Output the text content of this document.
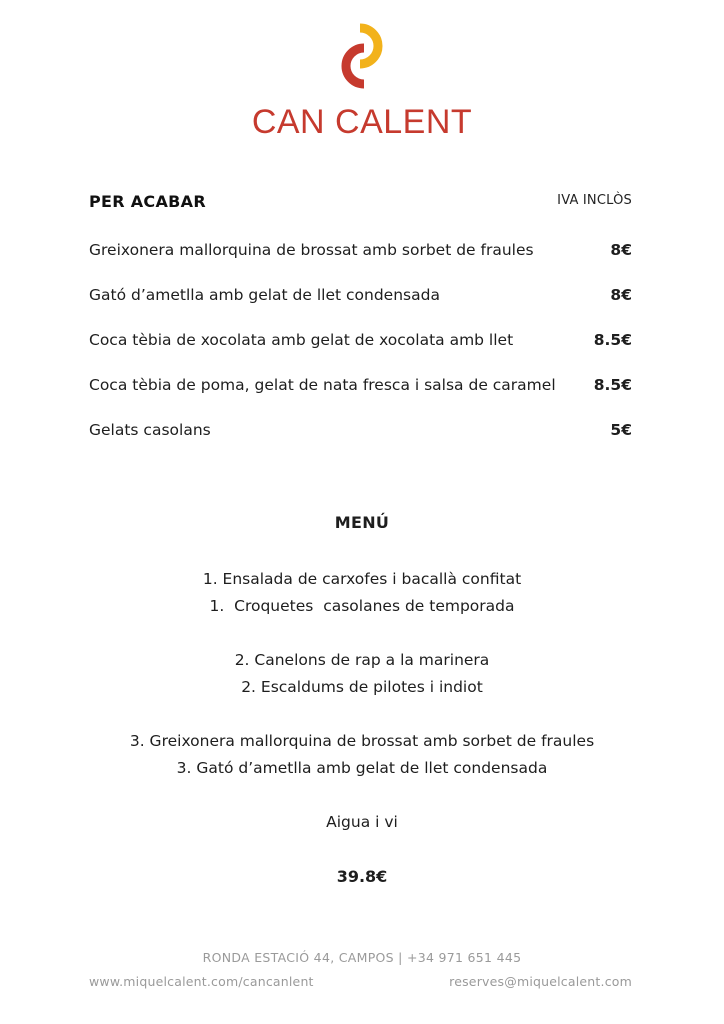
CAN CALENT
PER ACABAR	IVA INCLÒS
Greixonera mallorquina de brossat amb sorbet de fraules	8€
Gató d’ametlla amb gelat de llet condensada	8€
Coca tèbia de xocolata amb gelat de xocolata amb llet	8.5€
Coca tèbia de poma, gelat de nata fresca i salsa de caramel 8.5€
Gelats casolans	5€
MENÚ
1. Ensalada de carxofes i bacallà confitat
1.  Croquetes  casolanes de temporada
2. Canelons de rap a la marinera
2. Escaldums de pilotes i indiot
3. Greixonera mallorquina de brossat amb sorbet de fraules
3. Gató d’ametlla amb gelat de llet condensada
Aigua i vi
39.8€
RONDA ESTACIÓ 44, CAMPOS | +34 971 651 445
www.miquelcalent.com/cancanlent	reserves@miquelcalent.com
